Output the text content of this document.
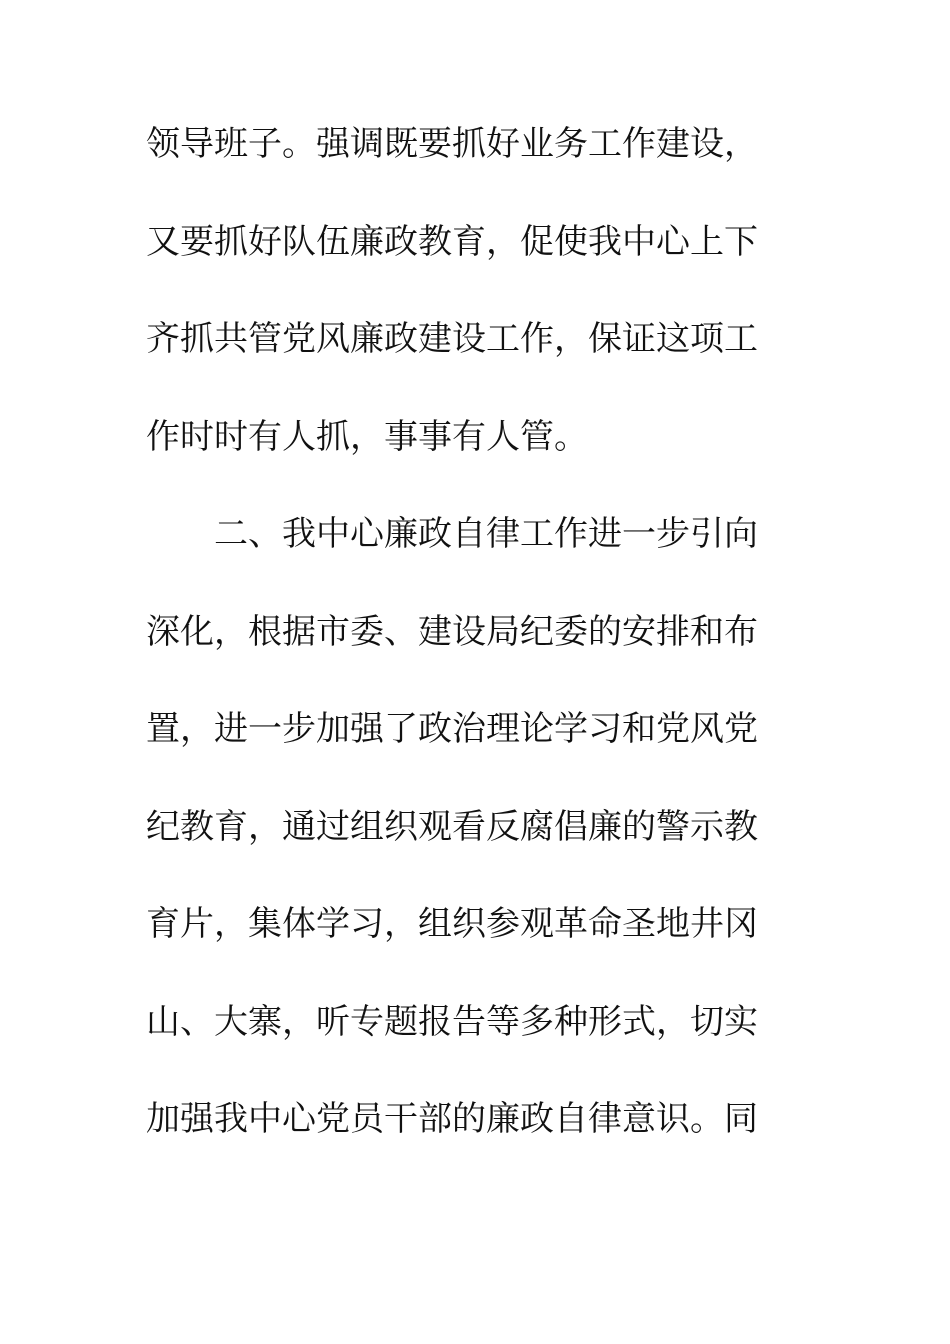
领导班子。强调既要抓好业务工作建设，
又要抓好队伍廉政教育，促使我中心上下
齐抓共管党风廉政建设工作，保证这项工
作时时有人抓，事事有人管。
二、我中心廉政自律工作进一步引向
深化，根据市委、建设局纪委的安排和布
置，进一步加强了政治理论学习和党风党
纪教育，通过组织观看反腐倡廉的警示教
育片，集体学习，组织参观革命圣地井冈
山、大寨，听专题报告等多种形式，切实
加强我中心党员干部的廉政自律意识。同
